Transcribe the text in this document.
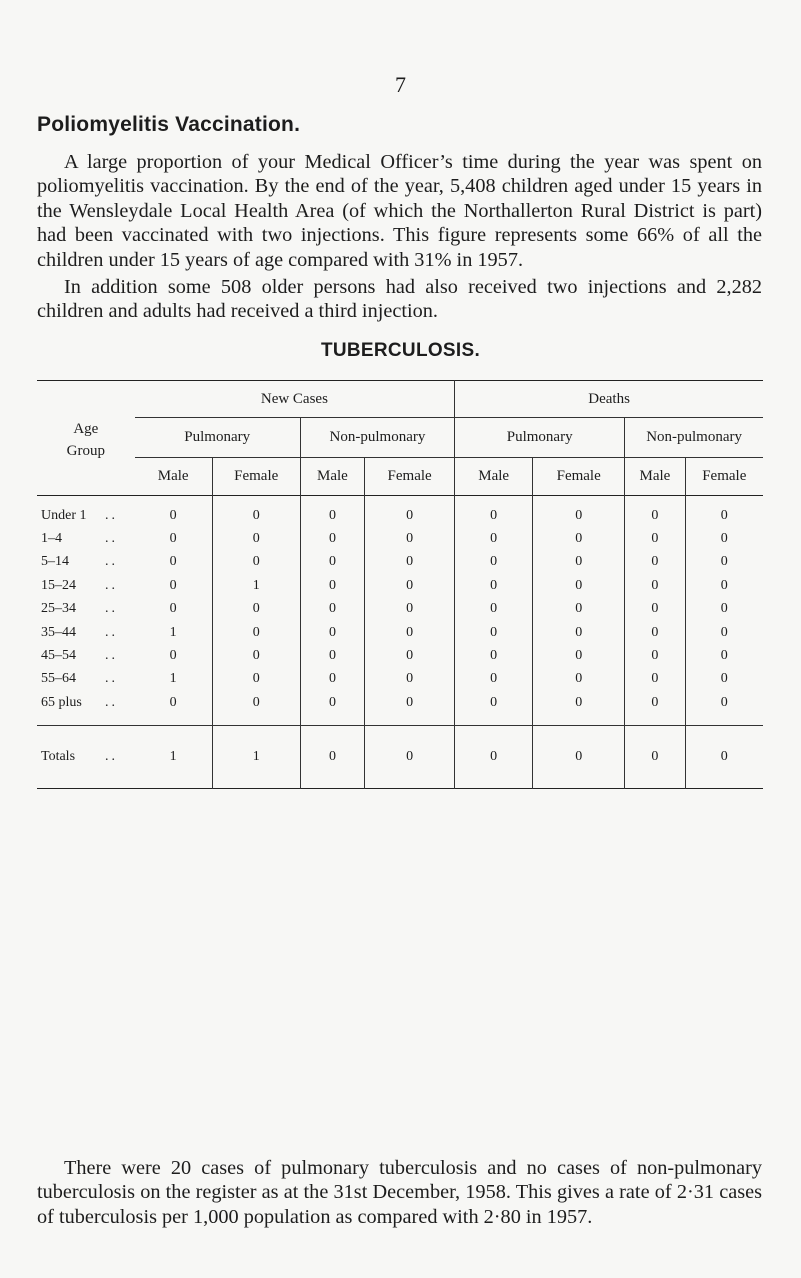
7
Poliomyelitis Vaccination.

A large proportion of your Medical Officer’s time during the year was spent on poliomyelitis vaccination. By the end of the year, 5,408 children aged under 15 years in the Wensleydale Local Health Area (of which the Northallerton Rural District is part) had been vaccinated with two injections. This figure represents some 66% of all the children under 15 years of age compared with 31% in 1957.

In addition some 508 older persons had also received two injections and 2,282 children and adults had received a third injection.

TUBERCULOSIS.
Age
Group	New Cases				Deaths			
	Pulmonary		Non-pulmonary		Pulmonary		Non-pulmonary	
	Male	Female	Male	Female	Male	Female	Male	Female
Under 1 ..	0	0	0	0	0	0	0	0
1–4 ..	0	0	0	0	0	0	0	0
5–14 ..	0	0	0	0	0	0	0	0
15–24 ..	0	1	0	0	0	0	0	0
25–34 ..	0	0	0	0	0	0	0	0
35–44 ..	1	0	0	0	0	0	0	0
45–54 ..	0	0	0	0	0	0	0	0
55–64 ..	1	0	0	0	0	0	0	0
65 plus ..	0	0	0	0	0	0	0	0

Totals ..	1	1	0	0	0	0	0	0

There were 20 cases of pulmonary tuberculosis and no cases of non-pulmonary tuberculosis on the register as at the 31st December, 1958. This gives a rate of 2·31 cases of tuberculosis per 1,000 population as compared with 2·80 in 1957.
